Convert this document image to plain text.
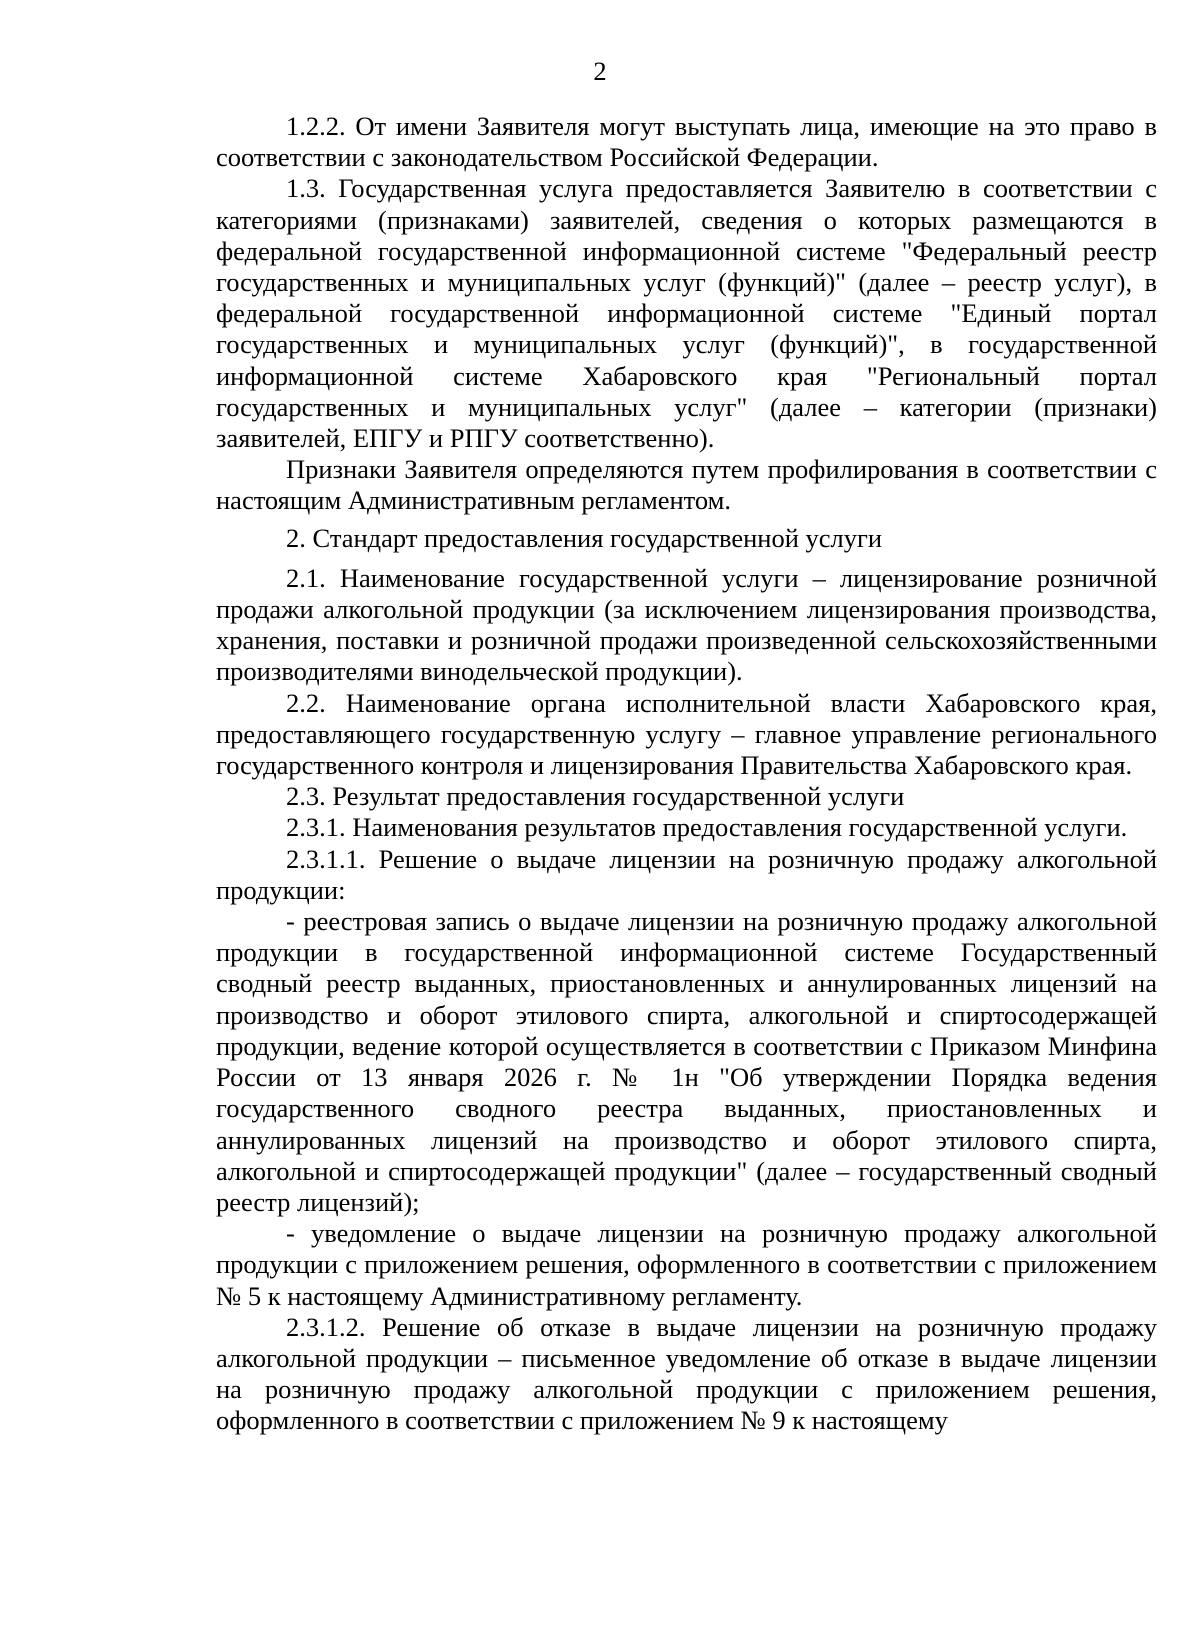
2

1.2.2. От имени Заявителя могут выступать лица, имеющие на это право в соответствии с законодательством Российской Федерации.

1.3. Государственная услуга предоставляется Заявителю в соответствии с категориями (признаками) заявителей, сведения о которых размещаются в федеральной государственной информационной системе "Федеральный реестр государственных и муниципальных услуг (функций)" (далее – реестр услуг), в федеральной государственной информационной системе "Единый портал государственных и муниципальных услуг (функций)", в государственной информационной системе Хабаровского края "Региональный портал государственных и муниципальных услуг" (далее – категории (признаки) заявителей, ЕПГУ и РПГУ соответственно).

Признаки Заявителя определяются путем профилирования в соответствии с настоящим Административным регламентом.

2. Стандарт предоставления государственной услуги

2.1. Наименование государственной услуги – лицензирование розничной продажи алкогольной продукции (за исключением лицензирования производства, хранения, поставки и розничной продажи произведенной сельскохозяйственными производителями винодельческой продукции).

2.2. Наименование органа исполнительной власти Хабаровского края, предоставляющего государственную услугу – главное управление регионального государственного контроля и лицензирования Правительства Хабаровского края.

2.3. Результат предоставления государственной услуги

2.3.1. Наименования результатов предоставления государственной услуги.

2.3.1.1. Решение о выдаче лицензии на розничную продажу алкогольной продукции:

- реестровая запись о выдаче лицензии на розничную продажу алкогольной продукции в государственной информационной системе Государственный сводный реестр выданных, приостановленных и аннулированных лицензий на производство и оборот этилового спирта, алкогольной и спиртосодержащей продукции, ведение которой осуществляется в соответствии с Приказом Минфина России от 13 января 2026 г. № 1н "Об утверждении Порядка ведения государственного сводного реестра выданных, приостановленных и аннулированных лицензий на производство и оборот этилового спирта, алкогольной и спиртосодержащей продукции" (далее – государственный сводный реестр лицензий);

- уведомление о выдаче лицензии на розничную продажу алкогольной продукции с приложением решения, оформленного в соответствии с приложением № 5 к настоящему Административному регламенту.

2.3.1.2. Решение об отказе в выдаче лицензии на розничную продажу алкогольной продукции – письменное уведомление об отказе в выдаче лицензии на розничную продажу алкогольной продукции с приложением решения, оформленного в соответствии с приложением № 9 к настоящему
